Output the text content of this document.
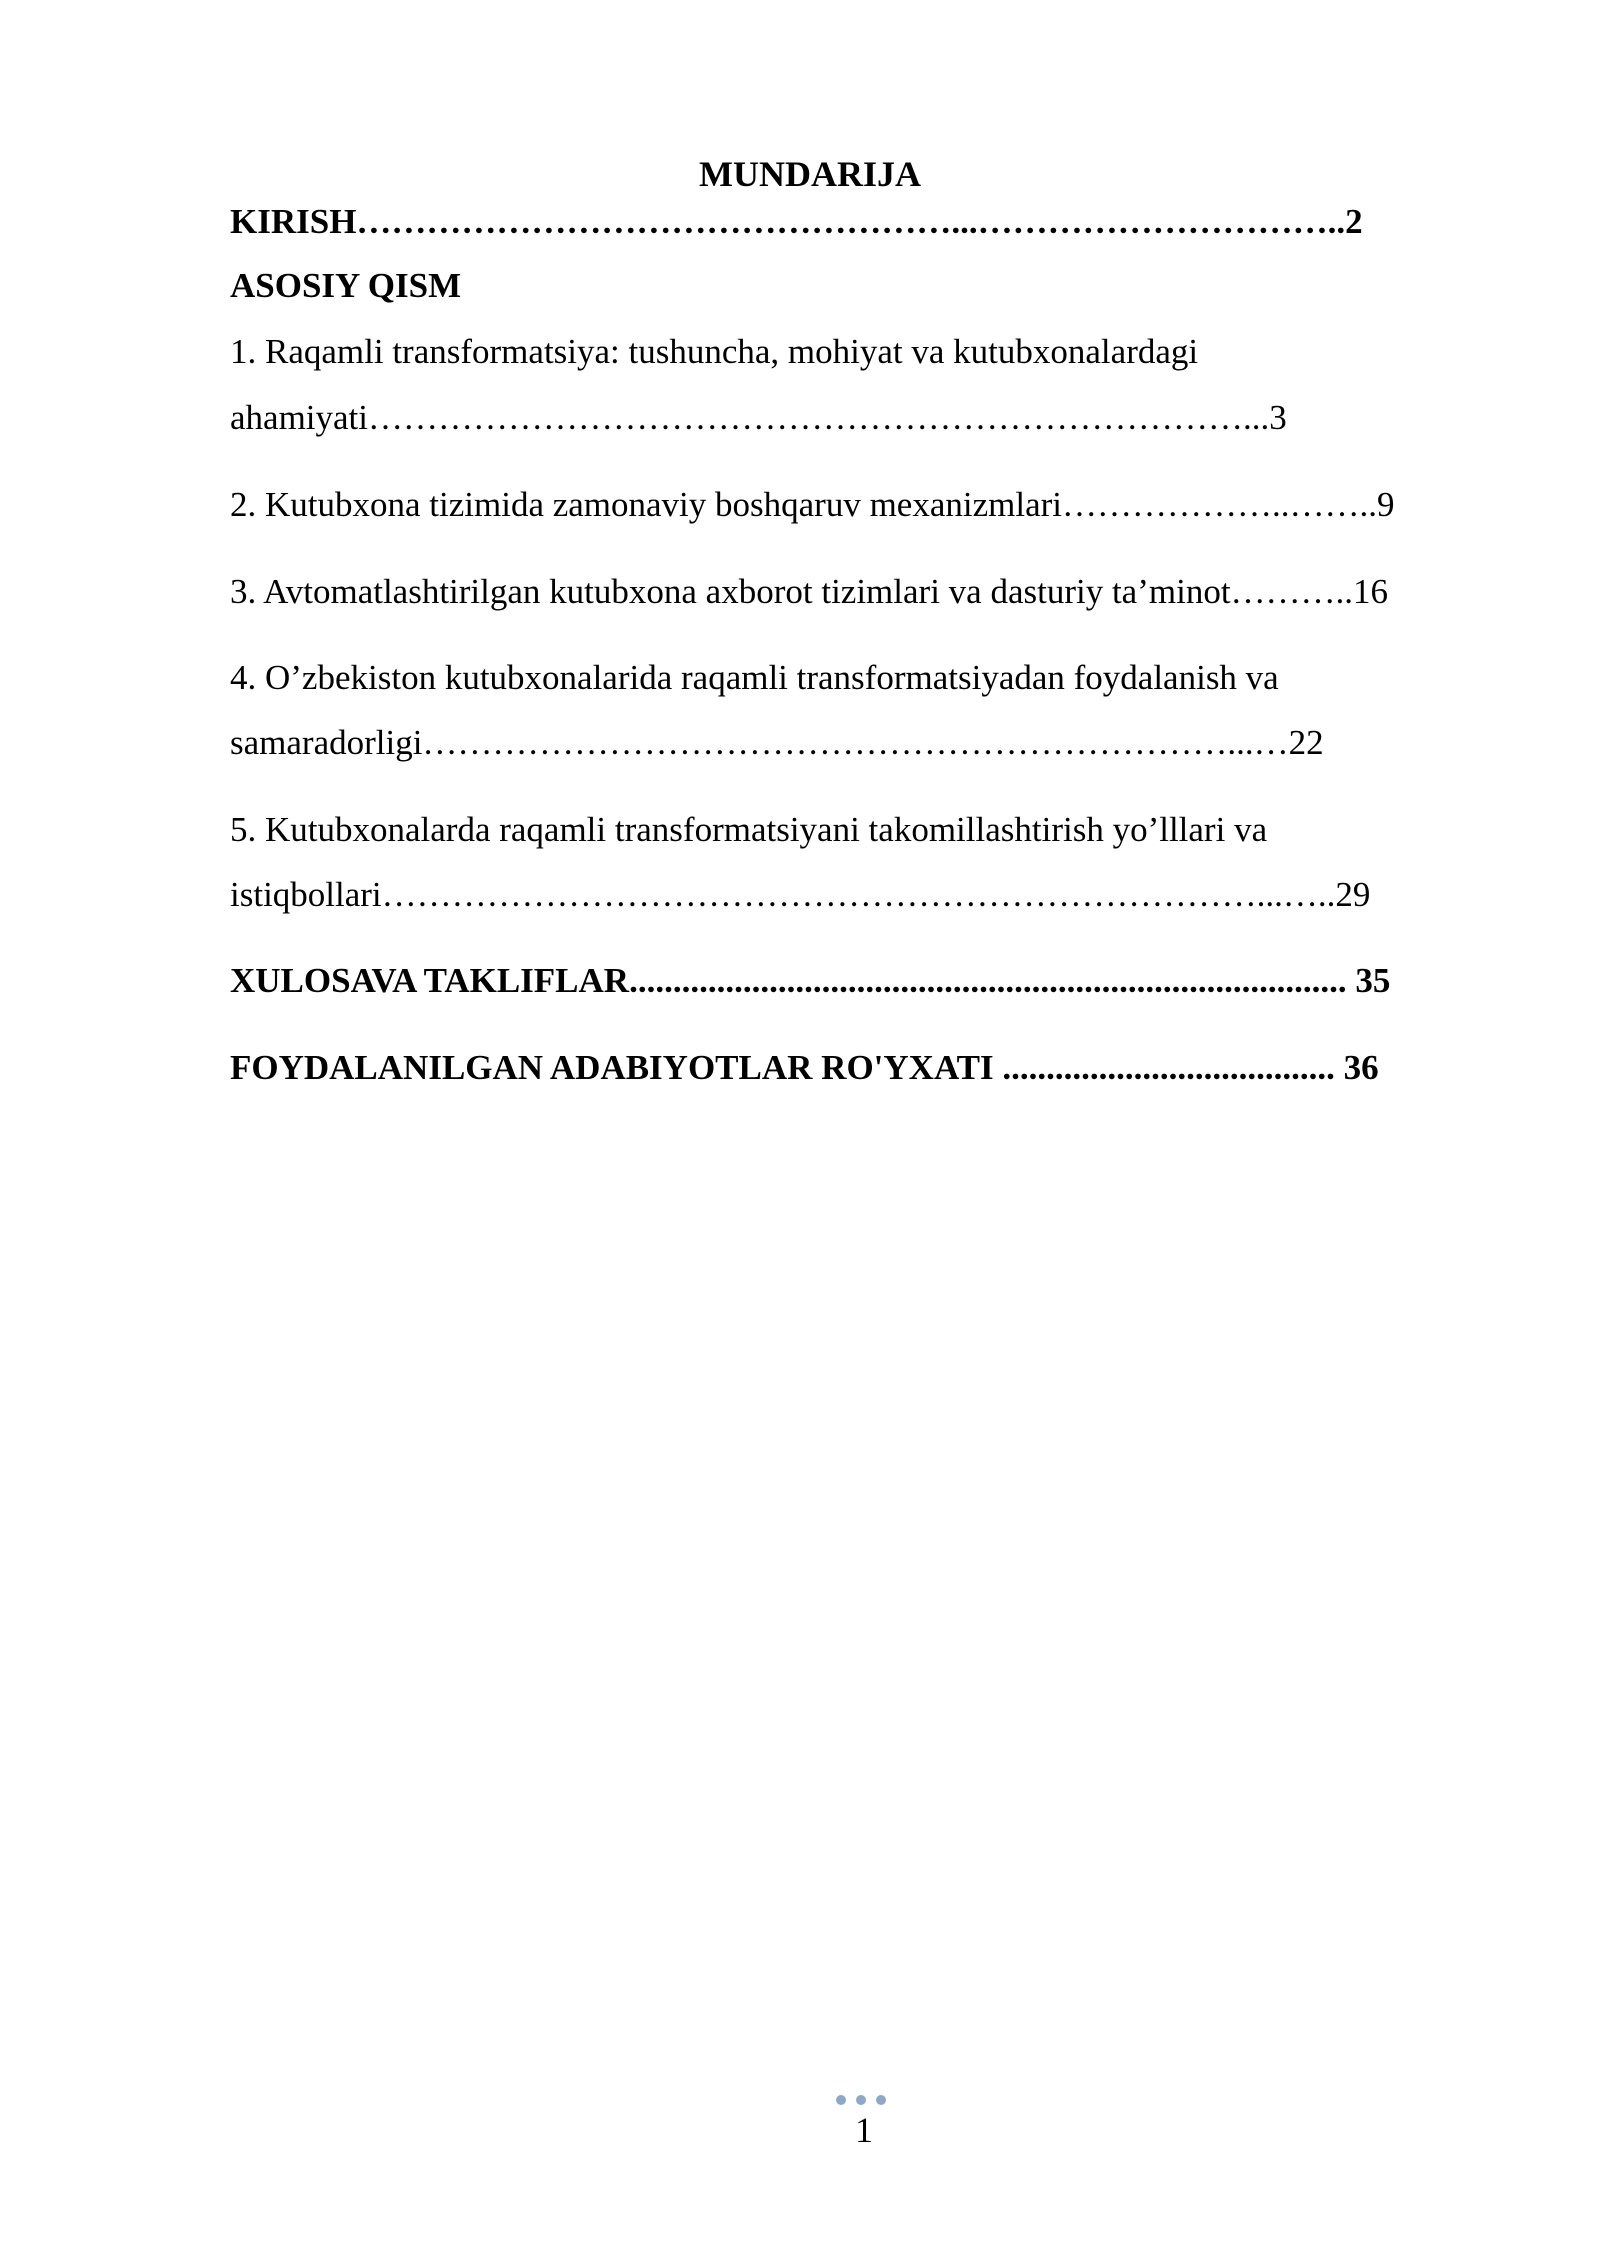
MUNDARIJA

KIRISH……………………………………………...…………………………..2

ASOSIY QISM

1. Raqamli transformatsiya: tushuncha, mohiyat va kutubxonalardagi

ahamiyati…………………………………………………………………...3

2. Kutubxona tizimida zamonaviy boshqaruv mexanizmlari………………..……..9

3. Avtomatlashtirilgan kutubxona axborot tizimlari va dasturiy ta’minot………..16

4. O’zbekiston kutubxonalarida raqamli transformatsiyadan foydalanish va

samaradorligi……………………………………………………………...…22

5. Kutubxonalarda raqamli transformatsiyani takomillashtirish yo’lllari va

istiqbollari…………………………………………………………………...…..29

XULOSAVA TAKLIFLAR.................................................................................. 35

FOYDALANILGAN ADABIYOTLAR RO'YXATI ...................................... 36

1
